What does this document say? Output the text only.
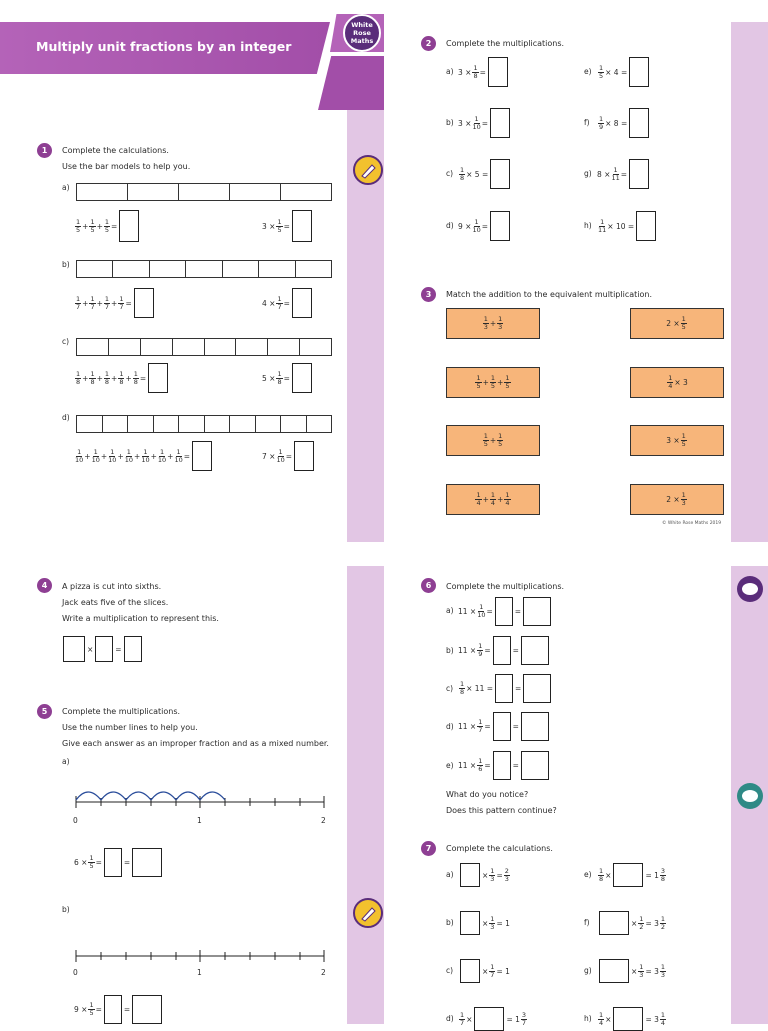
Multiply unit fractions by an integer
White Rose Maths
1	Complete the calculations.
Use the bar models to help you.
a)
$\frac{1}{5} + \frac{1}{5} + \frac{1}{5}$ =	$3 \times \frac{1}{5}$ =
b)
$\frac{1}{7} + \frac{1}{7} + \frac{1}{7} + \frac{1}{7}$ =	$4 \times \frac{1}{7}$ =
c)
$\frac{1}{8} + \frac{1}{8} + \frac{1}{8} + \frac{1}{8} + \frac{1}{8}$ =	$5 \times \frac{1}{8}$ =
d)
$\frac{1}{10} + \frac{1}{10} + \frac{1}{10} + \frac{1}{10} + \frac{1}{10} + \frac{1}{10} + \frac{1}{10}$ =	$7 \times \frac{1}{10}$ =
2	Complete the multiplications.
a) $3 \times \frac{1}{8}$ =
b) $3 \times \frac{1}{10}$ =
$c) \frac{1}{8} \times 5$ =
d) $9 \times \frac{1}{10}$ =
$e) \frac{1}{5} \times 4$ =
$f) \frac{1}{9} \times 8$ =
g) $8 \times \frac{1}{11}$ =
$h) \frac{1}{11} \times 10$ =
3	Match the addition to the equivalent multiplication.
$\frac{1}{3} + \frac{1}{3}$
$\frac{1}{5} + \frac{1}{5} + \frac{1}{5}$
$\frac{1}{5} + \frac{1}{5}$
$\frac{1}{4} + \frac{1}{4} + \frac{1}{4}$
$2 \times \frac{1}{5}$
$\frac{1}{4} \times 3$
$3 \times \frac{1}{5}$
$2 \times \frac{1}{3}$
© White Rose Maths 2019
4	A pizza is cut into sixths.
Jack eats five of the slices.
Write a multiplication to represent this.
×	=
5	Complete the multiplications.
Use the number lines to help you.
Give each answer as an improper fraction and as a mixed number.
a)
0	1	2
$6 \times \frac{1}{5}$ =	=
b)
0	1	2
$9 \times \frac{1}{5}$ =	=
6	Complete the multiplications.
a) $11 \times \frac{1}{10}$ =	=
b) $11 \times \frac{1}{9}$ =	=
$c) \frac{1}{8} \times 11$ =	=
d) $11 \times \frac{1}{7}$ =	=
e) $11 \times \frac{1}{6}$ =	=
What do you notice?
Does this pattern continue?
7	Complete the calculations.
a)	× $\frac{1}{3} = \frac{2}{3}$
b)	× $\frac{1}{3} = 1$
c)	× $\frac{1}{7} = 1$
$d) \frac{1}{7}$ ×	= $1 \frac{3}{7}$
$e) \frac{1}{8}$ ×	= $1 \frac{3}{8}$
f)	× $\frac{1}{2} = 3 \frac{1}{2}$
g)	× $\frac{1}{3} = 3 \frac{1}{3}$
$h) \frac{1}{4}$ ×	= $3 \frac{1}{4}$
